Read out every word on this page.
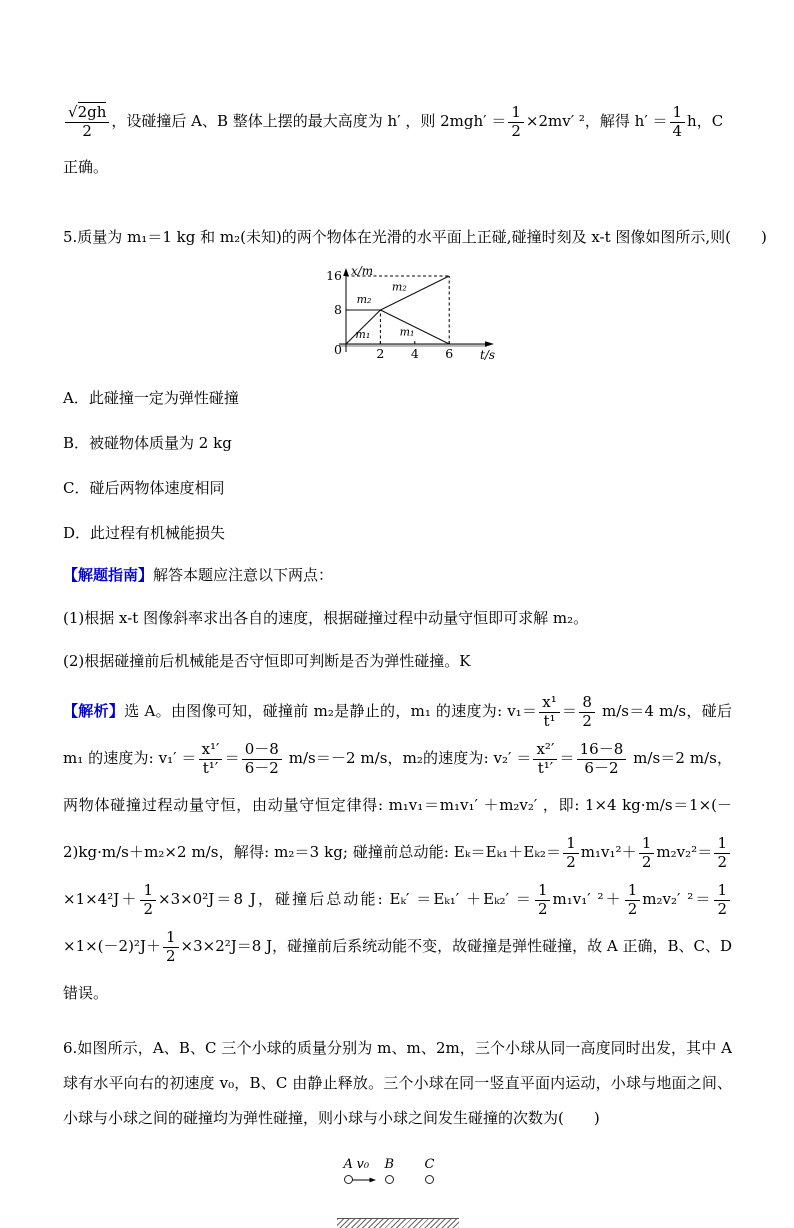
$\frac{√2gh}{2}$ ，设碰撞后 A、B 整体上摆的最大高度为 h′ ，则 $2mgh' = \frac{1}{2} \times 2mv'$ ²，解得 $h' = \frac{1}{4}$ h，C 正确。

5.质量为 m₁＝1 kg 和 m₂(未知)的两个物体在光滑的水平面上正碰,碰撞时刻及 x-t 图像如图所示,则(　　)

2 4 6
0
8
16
m₂
m₂
m₁	m₁
x/m
t/s

A．此碰撞一定为弹性碰撞

B．被碰物体质量为 2 kg

C．碰后两物体速度相同

D．此过程有机械能损失

【解题指南】解答本题应注意以下两点：

(1)根据 x-t 图像斜率求出各自的速度，根据碰撞过程中动量守恒即可求解 m₂。

(2)根据碰撞前后机械能是否守恒即可判断是否为弹性碰撞。K

【解析】选 A。由图像可知，碰撞前 m₂是静止的，m₁ 的速度为: $v_1= \frac{\text{x¹}}{\text{t¹}} = \frac{8}{2} m/s=4$ m/s，碰后 m₁ 的速度为: $v_1' = \frac{\text{x¹′}}{\text{t¹′}} = \frac{0-8}{6-2} m/s=-2$ m/s，m₂的速度为: $v_2' = \frac{\text{x²′}}{\text{t¹′}} = \frac{16-8}{6-2} m/s=2$ m/s，两物体碰撞过程动量守恒，由动量守恒定律得: m₁v₁＝m₁v₁′ ＋m₂v₂′ ，即: 1×4 kg·m/s＝1×(－2)kg·m/s＋m₂×2 m/s，解得: m₂＝3 kg; 碰撞前总动能: $E_k=E_{k1}+E_{k2}= \frac{1}{2} m_1v_1^2+ \frac{1}{2} m_2v_2^2= \frac{1}{2}$
$\times 1\times 4^2J+ \frac{1}{2} \times 3\times 0^2J=8$ J，碰撞后总动能: $E_k' =E_{k1}' +E_{k2}' = \frac{1}{2} m_1v_1'$ $^2+ \frac{1}{2} m_2v_2'$ $^2= \frac{1}{2}$
$\times 1\times(-2)^2J+ \frac{1}{2} \times 3\times 2^2J=8$ J，碰撞前后系统动能不变，故碰撞是弹性碰撞，故 A 正确，B、C、D 错误。

6.如图所示，A、B、C 三个小球的质量分别为 m、m、2m，三个小球从同一高度同时出发，其中 A 球有水平向右的初速度 v₀，B、C 由静止释放。三个小球在同一竖直平面内运动，小球与地面之间、小球与小球之间的碰撞均为弹性碰撞，则小球与小球之间发生碰撞的次数为(　　)

A v₀ B C
